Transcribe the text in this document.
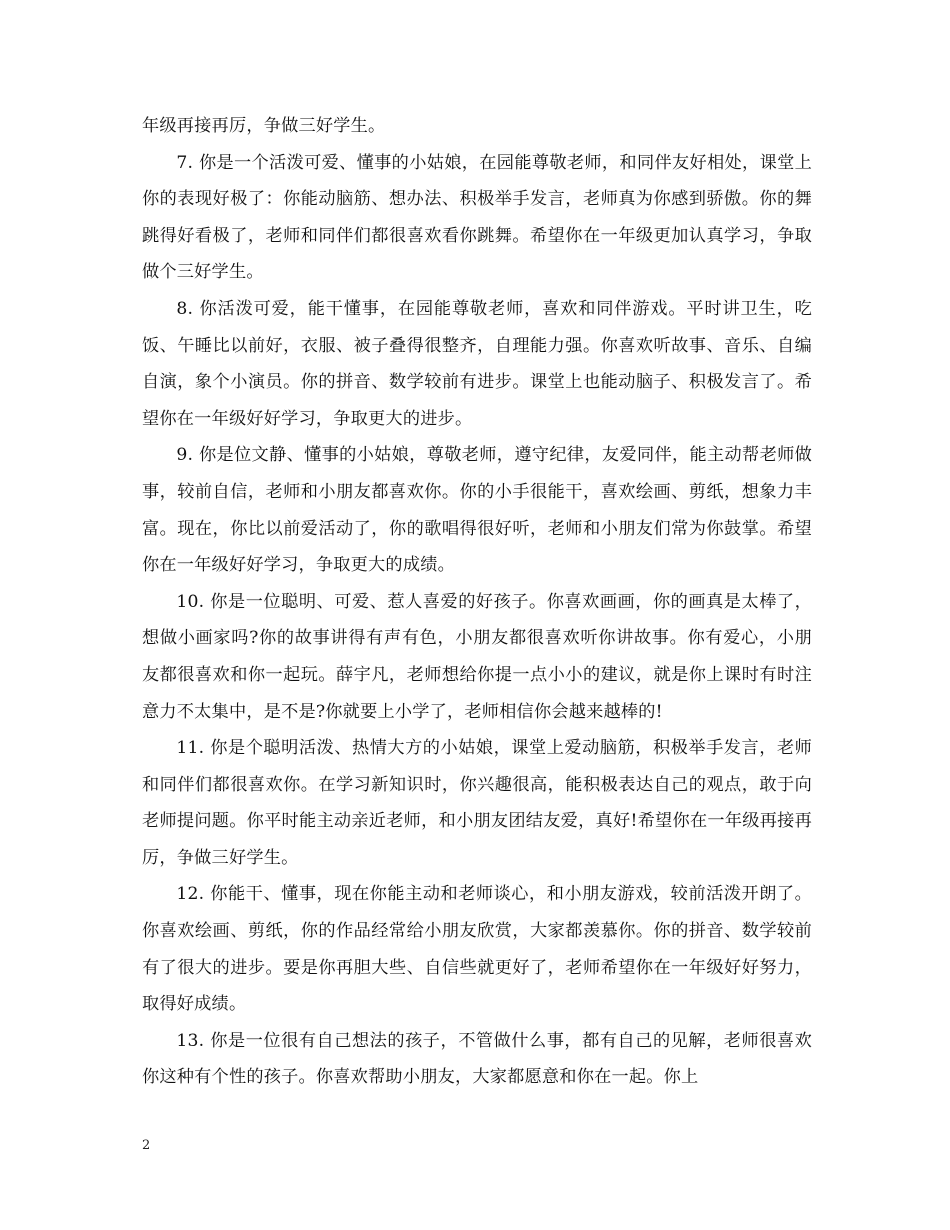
年级再接再厉，争做三好学生。

7. 你是一个活泼可爱、懂事的小姑娘，在园能尊敬老师，和同伴友好相处，课堂上你的表现好极了：你能动脑筋、想办法、积极举手发言，老师真为你感到骄傲。你的舞跳得好看极了，老师和同伴们都很喜欢看你跳舞。希望你在一年级更加认真学习，争取做个三好学生。

8. 你活泼可爱，能干懂事，在园能尊敬老师，喜欢和同伴游戏。平时讲卫生，吃饭、午睡比以前好，衣服、被子叠得很整齐，自理能力强。你喜欢听故事、音乐、自编自演，象个小演员。你的拼音、数学较前有进步。课堂上也能动脑子、积极发言了。希望你在一年级好好学习，争取更大的进步。

9. 你是位文静、懂事的小姑娘，尊敬老师，遵守纪律，友爱同伴，能主动帮老师做事，较前自信，老师和小朋友都喜欢你。你的小手很能干，喜欢绘画、剪纸，想象力丰富。现在，你比以前爱活动了，你的歌唱得很好听，老师和小朋友们常为你鼓掌。希望你在一年级好好学习，争取更大的成绩。

10. 你是一位聪明、可爱、惹人喜爱的好孩子。你喜欢画画，你的画真是太棒了，想做小画家吗?你的故事讲得有声有色，小朋友都很喜欢听你讲故事。你有爱心，小朋友都很喜欢和你一起玩。薛宇凡，老师想给你提一点小小的建议，就是你上课时有时注意力不太集中，是不是?你就要上小学了，老师相信你会越来越棒的!

11. 你是个聪明活泼、热情大方的小姑娘，课堂上爱动脑筋，积极举手发言，老师和同伴们都很喜欢你。在学习新知识时，你兴趣很高，能积极表达自己的观点，敢于向老师提问题。你平时能主动亲近老师，和小朋友团结友爱，真好!希望你在一年级再接再厉，争做三好学生。

12. 你能干、懂事，现在你能主动和老师谈心，和小朋友游戏，较前活泼开朗了。你喜欢绘画、剪纸，你的作品经常给小朋友欣赏，大家都羡慕你。你的拼音、数学较前有了很大的进步。要是你再胆大些、自信些就更好了，老师希望你在一年级好好努力，取得好成绩。

13. 你是一位很有自己想法的孩子，不管做什么事，都有自己的见解，老师很喜欢你这种有个性的孩子。你喜欢帮助小朋友，大家都愿意和你在一起。你上

2
